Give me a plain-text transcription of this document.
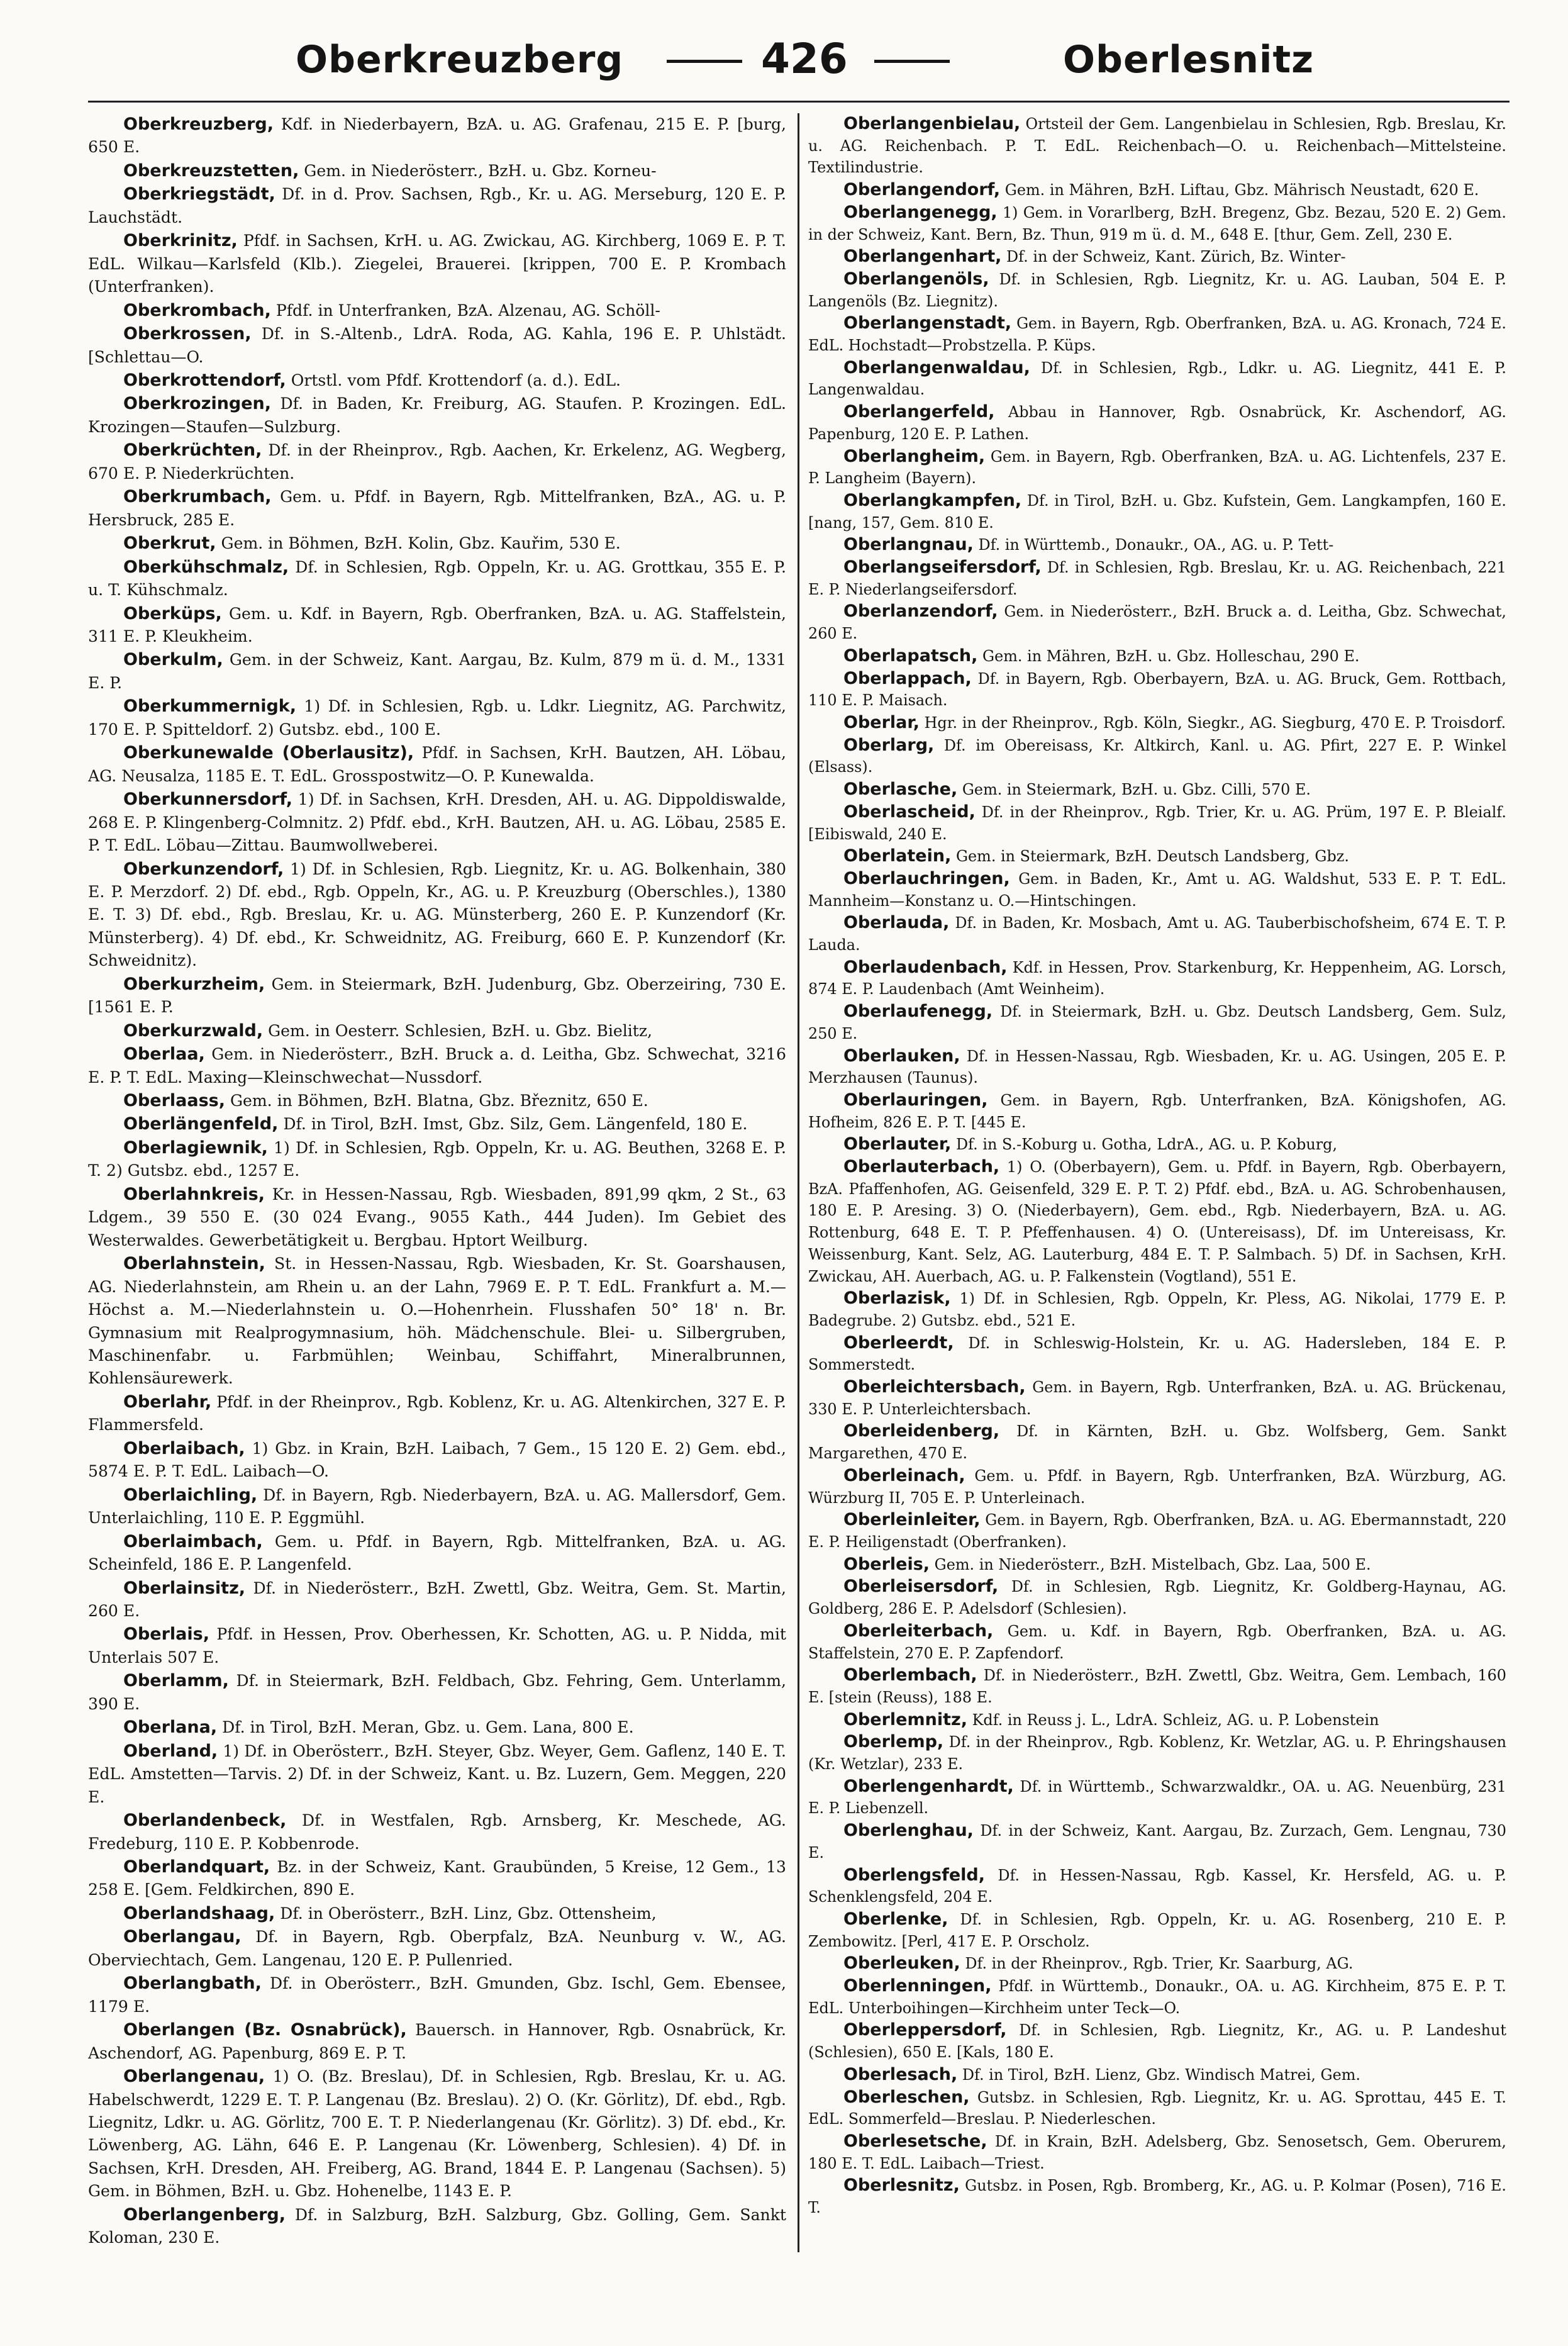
Oberkreuzberg	426	Oberlesnitz

Oberkreuzberg, Kdf. in Niederbayern, BzA. u. AG. Grafenau, 215 E. P. [burg, 650 E.

Oberkreuzstetten, Gem. in Niederösterr., BzH. u. Gbz. Korneu-

Oberkriegstädt, Df. in d. Prov. Sachsen, Rgb., Kr. u. AG. Merseburg, 120 E. P. Lauchstädt.

Oberkrinitz, Pfdf. in Sachsen, KrH. u. AG. Zwickau, AG. Kirchberg, 1069 E. P. T. EdL. Wilkau—Karlsfeld (Klb.). Ziegelei, Brauerei. [krippen, 700 E. P. Krombach (Unterfranken).

Oberkrombach, Pfdf. in Unterfranken, BzA. Alzenau, AG. Schöll-

Oberkrossen, Df. in S.-Altenb., LdrA. Roda, AG. Kahla, 196 E. P. Uhlstädt. [Schlettau—O.

Oberkrottendorf, Ortstl. vom Pfdf. Krottendorf (a. d.). EdL.

Oberkrozingen, Df. in Baden, Kr. Freiburg, AG. Staufen. P. Krozingen. EdL. Krozingen—Staufen—Sulzburg.

Oberkrüchten, Df. in der Rheinprov., Rgb. Aachen, Kr. Erkelenz, AG. Wegberg, 670 E. P. Niederkrüchten.

Oberkrumbach, Gem. u. Pfdf. in Bayern, Rgb. Mittelfranken, BzA., AG. u. P. Hersbruck, 285 E.

Oberkrut, Gem. in Böhmen, BzH. Kolin, Gbz. Kauřim, 530 E.

Oberkühschmalz, Df. in Schlesien, Rgb. Oppeln, Kr. u. AG. Grottkau, 355 E. P. u. T. Kühschmalz.

Oberküps, Gem. u. Kdf. in Bayern, Rgb. Oberfranken, BzA. u. AG. Staffelstein, 311 E. P. Kleukheim.

Oberkulm, Gem. in der Schweiz, Kant. Aargau, Bz. Kulm, 879 m ü. d. M., 1331 E. P.

Oberkummernigk, 1) Df. in Schlesien, Rgb. u. Ldkr. Liegnitz, AG. Parchwitz, 170 E. P. Spitteldorf. 2) Gutsbz. ebd., 100 E.

Oberkunewalde (Oberlausitz), Pfdf. in Sachsen, KrH. Bautzen, AH. Löbau, AG. Neusalza, 1185 E. T. EdL. Grosspostwitz—O. P. Kunewalda.

Oberkunnersdorf, 1) Df. in Sachsen, KrH. Dresden, AH. u. AG. Dippoldiswalde, 268 E. P. Klingenberg-Colmnitz. 2) Pfdf. ebd., KrH. Bautzen, AH. u. AG. Löbau, 2585 E. P. T. EdL. Löbau—Zittau. Baumwollweberei.

Oberkunzendorf, 1) Df. in Schlesien, Rgb. Liegnitz, Kr. u. AG. Bolkenhain, 380 E. P. Merzdorf. 2) Df. ebd., Rgb. Oppeln, Kr., AG. u. P. Kreuzburg (Oberschles.), 1380 E. T. 3) Df. ebd., Rgb. Breslau, Kr. u. AG. Münsterberg, 260 E. P. Kunzendorf (Kr. Münsterberg). 4) Df. ebd., Kr. Schweidnitz, AG. Freiburg, 660 E. P. Kunzendorf (Kr. Schweidnitz).

Oberkurzheim, Gem. in Steiermark, BzH. Judenburg, Gbz. Oberzeiring, 730 E. [1561 E. P.

Oberkurzwald, Gem. in Oesterr. Schlesien, BzH. u. Gbz. Bielitz,

Oberlaa, Gem. in Niederösterr., BzH. Bruck a. d. Leitha, Gbz. Schwechat, 3216 E. P. T. EdL. Maxing—Kleinschwechat—Nussdorf.

Oberlaass, Gem. in Böhmen, BzH. Blatna, Gbz. Březnitz, 650 E.

Oberlängenfeld, Df. in Tirol, BzH. Imst, Gbz. Silz, Gem. Längenfeld, 180 E.

Oberlagiewnik, 1) Df. in Schlesien, Rgb. Oppeln, Kr. u. AG. Beuthen, 3268 E. P. T. 2) Gutsbz. ebd., 1257 E.

Oberlahnkreis, Kr. in Hessen-Nassau, Rgb. Wiesbaden, 891,99 qkm, 2 St., 63 Ldgem., 39 550 E. (30 024 Evang., 9055 Kath., 444 Juden). Im Gebiet des Westerwaldes. Gewerbetätigkeit u. Bergbau. Hptort Weilburg.

Oberlahnstein, St. in Hessen-Nassau, Rgb. Wiesbaden, Kr. St. Goarshausen, AG. Niederlahnstein, am Rhein u. an der Lahn, 7969 E. P. T. EdL. Frankfurt a. M.—Höchst a. M.—Niederlahnstein u. O.—Hohenrhein. Flusshafen 50° 18' n. Br. Gymnasium mit Realprogymnasium, höh. Mädchenschule. Blei- u. Silbergruben, Maschinenfabr. u. Farbmühlen; Weinbau, Schiffahrt, Mineralbrunnen, Kohlensäurewerk.

Oberlahr, Pfdf. in der Rheinprov., Rgb. Koblenz, Kr. u. AG. Altenkirchen, 327 E. P. Flammersfeld.

Oberlaibach, 1) Gbz. in Krain, BzH. Laibach, 7 Gem., 15 120 E. 2) Gem. ebd., 5874 E. P. T. EdL. Laibach—O.

Oberlaichling, Df. in Bayern, Rgb. Niederbayern, BzA. u. AG. Mallersdorf, Gem. Unterlaichling, 110 E. P. Eggmühl.

Oberlaimbach, Gem. u. Pfdf. in Bayern, Rgb. Mittelfranken, BzA. u. AG. Scheinfeld, 186 E. P. Langenfeld.

Oberlainsitz, Df. in Niederösterr., BzH. Zwettl, Gbz. Weitra, Gem. St. Martin, 260 E.

Oberlais, Pfdf. in Hessen, Prov. Oberhessen, Kr. Schotten, AG. u. P. Nidda, mit Unterlais 507 E.

Oberlamm, Df. in Steiermark, BzH. Feldbach, Gbz. Fehring, Gem. Unterlamm, 390 E.

Oberlana, Df. in Tirol, BzH. Meran, Gbz. u. Gem. Lana, 800 E.

Oberland, 1) Df. in Oberösterr., BzH. Steyer, Gbz. Weyer, Gem. Gaflenz, 140 E. T. EdL. Amstetten—Tarvis. 2) Df. in der Schweiz, Kant. u. Bz. Luzern, Gem. Meggen, 220 E.

Oberlandenbeck, Df. in Westfalen, Rgb. Arnsberg, Kr. Meschede, AG. Fredeburg, 110 E. P. Kobbenrode.

Oberlandquart, Bz. in der Schweiz, Kant. Graubünden, 5 Kreise, 12 Gem., 13 258 E. [Gem. Feldkirchen, 890 E.

Oberlandshaag, Df. in Oberösterr., BzH. Linz, Gbz. Ottensheim,

Oberlangau, Df. in Bayern, Rgb. Oberpfalz, BzA. Neunburg v. W., AG. Oberviechtach, Gem. Langenau, 120 E. P. Pullenried.

Oberlangbath, Df. in Oberösterr., BzH. Gmunden, Gbz. Ischl, Gem. Ebensee, 1179 E.

Oberlangen (Bz. Osnabrück), Bauersch. in Hannover, Rgb. Osnabrück, Kr. Aschendorf, AG. Papenburg, 869 E. P. T.

Oberlangenau, 1) O. (Bz. Breslau), Df. in Schlesien, Rgb. Breslau, Kr. u. AG. Habelschwerdt, 1229 E. T. P. Langenau (Bz. Breslau). 2) O. (Kr. Görlitz), Df. ebd., Rgb. Liegnitz, Ldkr. u. AG. Görlitz, 700 E. T. P. Niederlangenau (Kr. Görlitz). 3) Df. ebd., Kr. Löwenberg, AG. Lähn, 646 E. P. Langenau (Kr. Löwenberg, Schlesien). 4) Df. in Sachsen, KrH. Dresden, AH. Freiberg, AG. Brand, 1844 E. P. Langenau (Sachsen). 5) Gem. in Böhmen, BzH. u. Gbz. Hohenelbe, 1143 E. P.

Oberlangenberg, Df. in Salzburg, BzH. Salzburg, Gbz. Golling, Gem. Sankt Koloman, 230 E.

Oberlangenbielau, Ortsteil der Gem. Langenbielau in Schlesien, Rgb. Breslau, Kr. u. AG. Reichenbach. P. T. EdL. Reichenbach—O. u. Reichenbach—Mittelsteine. Textilindustrie.

Oberlangendorf, Gem. in Mähren, BzH. Liftau, Gbz. Mährisch Neustadt, 620 E.

Oberlangenegg, 1) Gem. in Vorarlberg, BzH. Bregenz, Gbz. Bezau, 520 E. 2) Gem. in der Schweiz, Kant. Bern, Bz. Thun, 919 m ü. d. M., 648 E. [thur, Gem. Zell, 230 E.

Oberlangenhart, Df. in der Schweiz, Kant. Zürich, Bz. Winter-

Oberlangenöls, Df. in Schlesien, Rgb. Liegnitz, Kr. u. AG. Lauban, 504 E. P. Langenöls (Bz. Liegnitz).

Oberlangenstadt, Gem. in Bayern, Rgb. Oberfranken, BzA. u. AG. Kronach, 724 E. EdL. Hochstadt—Probstzella. P. Küps.

Oberlangenwaldau, Df. in Schlesien, Rgb., Ldkr. u. AG. Liegnitz, 441 E. P. Langenwaldau.

Oberlangerfeld, Abbau in Hannover, Rgb. Osnabrück, Kr. Aschendorf, AG. Papenburg, 120 E. P. Lathen.

Oberlangheim, Gem. in Bayern, Rgb. Oberfranken, BzA. u. AG. Lichtenfels, 237 E. P. Langheim (Bayern).

Oberlangkampfen, Df. in Tirol, BzH. u. Gbz. Kufstein, Gem. Langkampfen, 160 E. [nang, 157, Gem. 810 E.

Oberlangnau, Df. in Württemb., Donaukr., OA., AG. u. P. Tett-

Oberlangseifersdorf, Df. in Schlesien, Rgb. Breslau, Kr. u. AG. Reichenbach, 221 E. P. Niederlangseifersdorf.

Oberlanzendorf, Gem. in Niederösterr., BzH. Bruck a. d. Leitha, Gbz. Schwechat, 260 E.

Oberlapatsch, Gem. in Mähren, BzH. u. Gbz. Holleschau, 290 E.

Oberlappach, Df. in Bayern, Rgb. Oberbayern, BzA. u. AG. Bruck, Gem. Rottbach, 110 E. P. Maisach.

Oberlar, Hgr. in der Rheinprov., Rgb. Köln, Siegkr., AG. Siegburg, 470 E. P. Troisdorf.

Oberlarg, Df. im Obereisass, Kr. Altkirch, Kanl. u. AG. Pfirt, 227 E. P. Winkel (Elsass).

Oberlasche, Gem. in Steiermark, BzH. u. Gbz. Cilli, 570 E.

Oberlascheid, Df. in der Rheinprov., Rgb. Trier, Kr. u. AG. Prüm, 197 E. P. Bleialf. [Eibiswald, 240 E.

Oberlatein, Gem. in Steiermark, BzH. Deutsch Landsberg, Gbz.

Oberlauchringen, Gem. in Baden, Kr., Amt u. AG. Waldshut, 533 E. P. T. EdL. Mannheim—Konstanz u. O.—Hintschingen.

Oberlauda, Df. in Baden, Kr. Mosbach, Amt u. AG. Tauberbischofsheim, 674 E. T. P. Lauda.

Oberlaudenbach, Kdf. in Hessen, Prov. Starkenburg, Kr. Heppenheim, AG. Lorsch, 874 E. P. Laudenbach (Amt Weinheim).

Oberlaufenegg, Df. in Steiermark, BzH. u. Gbz. Deutsch Landsberg, Gem. Sulz, 250 E.

Oberlauken, Df. in Hessen-Nassau, Rgb. Wiesbaden, Kr. u. AG. Usingen, 205 E. P. Merzhausen (Taunus).

Oberlauringen, Gem. in Bayern, Rgb. Unterfranken, BzA. Königshofen, AG. Hofheim, 826 E. P. T. [445 E.

Oberlauter, Df. in S.-Koburg u. Gotha, LdrA., AG. u. P. Koburg,

Oberlauterbach, 1) O. (Oberbayern), Gem. u. Pfdf. in Bayern, Rgb. Oberbayern, BzA. Pfaffenhofen, AG. Geisenfeld, 329 E. P. T. 2) Pfdf. ebd., BzA. u. AG. Schrobenhausen, 180 E. P. Aresing. 3) O. (Niederbayern), Gem. ebd., Rgb. Niederbayern, BzA. u. AG. Rottenburg, 648 E. T. P. Pfeffenhausen. 4) O. (Untereisass), Df. im Untereisass, Kr. Weissenburg, Kant. Selz, AG. Lauterburg, 484 E. T. P. Salmbach. 5) Df. in Sachsen, KrH. Zwickau, AH. Auerbach, AG. u. P. Falkenstein (Vogtland), 551 E.

Oberlazisk, 1) Df. in Schlesien, Rgb. Oppeln, Kr. Pless, AG. Nikolai, 1779 E. P. Badegrube. 2) Gutsbz. ebd., 521 E.

Oberleerdt, Df. in Schleswig-Holstein, Kr. u. AG. Hadersleben, 184 E. P. Sommerstedt.

Oberleichtersbach, Gem. in Bayern, Rgb. Unterfranken, BzA. u. AG. Brückenau, 330 E. P. Unterleichtersbach.

Oberleidenberg, Df. in Kärnten, BzH. u. Gbz. Wolfsberg, Gem. Sankt Margarethen, 470 E.

Oberleinach, Gem. u. Pfdf. in Bayern, Rgb. Unterfranken, BzA. Würzburg, AG. Würzburg II, 705 E. P. Unterleinach.

Oberleinleiter, Gem. in Bayern, Rgb. Oberfranken, BzA. u. AG. Ebermannstadt, 220 E. P. Heiligenstadt (Oberfranken).

Oberleis, Gem. in Niederösterr., BzH. Mistelbach, Gbz. Laa, 500 E.

Oberleisersdorf, Df. in Schlesien, Rgb. Liegnitz, Kr. Goldberg-Haynau, AG. Goldberg, 286 E. P. Adelsdorf (Schlesien).

Oberleiterbach, Gem. u. Kdf. in Bayern, Rgb. Oberfranken, BzA. u. AG. Staffelstein, 270 E. P. Zapfendorf.

Oberlembach, Df. in Niederösterr., BzH. Zwettl, Gbz. Weitra, Gem. Lembach, 160 E. [stein (Reuss), 188 E.

Oberlemnitz, Kdf. in Reuss j. L., LdrA. Schleiz, AG. u. P. Lobenstein

Oberlemp, Df. in der Rheinprov., Rgb. Koblenz, Kr. Wetzlar, AG. u. P. Ehringshausen (Kr. Wetzlar), 233 E.

Oberlengenhardt, Df. in Württemb., Schwarzwaldkr., OA. u. AG. Neuenbürg, 231 E. P. Liebenzell.

Oberlenghau, Df. in der Schweiz, Kant. Aargau, Bz. Zurzach, Gem. Lengnau, 730 E.

Oberlengsfeld, Df. in Hessen-Nassau, Rgb. Kassel, Kr. Hersfeld, AG. u. P. Schenklengsfeld, 204 E.

Oberlenke, Df. in Schlesien, Rgb. Oppeln, Kr. u. AG. Rosenberg, 210 E. P. Zembowitz. [Perl, 417 E. P. Orscholz.

Oberleuken, Df. in der Rheinprov., Rgb. Trier, Kr. Saarburg, AG.

Oberlenningen, Pfdf. in Württemb., Donaukr., OA. u. AG. Kirchheim, 875 E. P. T. EdL. Unterboihingen—Kirchheim unter Teck—O.

Oberleppersdorf, Df. in Schlesien, Rgb. Liegnitz, Kr., AG. u. P. Landeshut (Schlesien), 650 E. [Kals, 180 E.

Oberlesach, Df. in Tirol, BzH. Lienz, Gbz. Windisch Matrei, Gem.

Oberleschen, Gutsbz. in Schlesien, Rgb. Liegnitz, Kr. u. AG. Sprottau, 445 E. T. EdL. Sommerfeld—Breslau. P. Niederleschen.

Oberlesetsche, Df. in Krain, BzH. Adelsberg, Gbz. Senosetsch, Gem. Oberurem, 180 E. T. EdL. Laibach—Triest.

Oberlesnitz, Gutsbz. in Posen, Rgb. Bromberg, Kr., AG. u. P. Kolmar (Posen), 716 E. T.
